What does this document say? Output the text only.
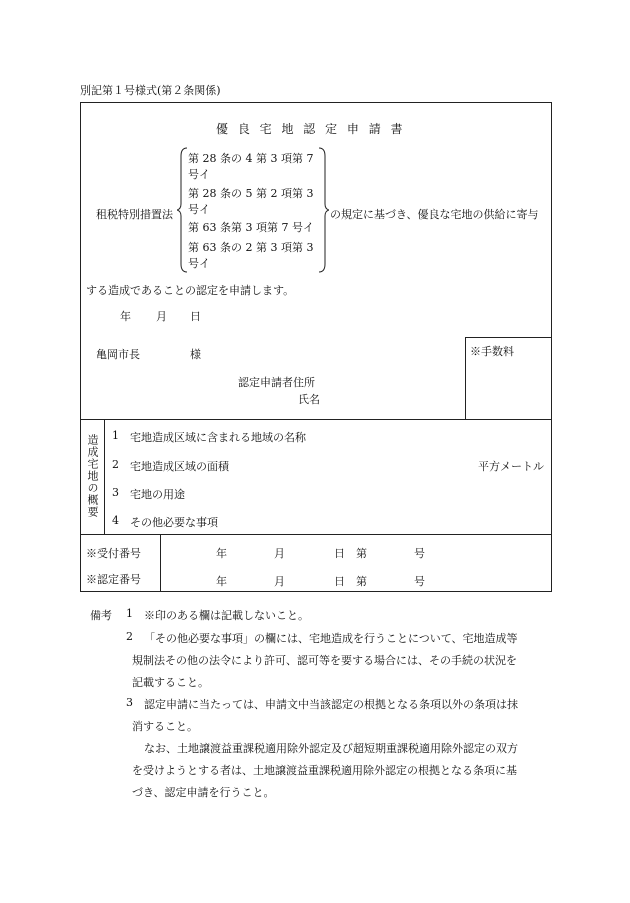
別記第１号様式(第２条関係)
優 良 宅 地 認 定 申 請 書
租税特別措置法
第 28 条の 4 第 3 項第 7
号イ
第 28 条の 5 第 2 項第 3
号イ
第 63 条第 3 項第 7 号イ
第 63 条の 2 第 3 項第 3
号イ
の規定に基づき、優良な宅地の供給に寄与
する造成であることの認定を申請します。
年 月 日
亀岡市長	様	※手数料
認定申請者住所
氏名
造成宅地の概要 1 宅地造成区域に含まれる地域の名称
2 宅地造成区域の面積	平方メートル
3 宅地の用途
4 その他必要な事項
※受付番号	年	月	日 第	号
※認定番号	年	月	日 第	号
備考 1 ※印のある欄は記載しないこと。
2 「その他必要な事項」の欄には、宅地造成を行うことについて、宅地造成等
規制法その他の法令により許可、認可等を要する場合には、その手続の状況を
記載すること。
3 認定申請に当たっては、申請文中当該認定の根拠となる条項以外の条項は抹
消すること。
なお、土地譲渡益重課税適用除外認定及び超短期重課税適用除外認定の双方
を受けようとする者は、土地譲渡益重課税適用除外認定の根拠となる条項に基
づき、認定申請を行うこと。
